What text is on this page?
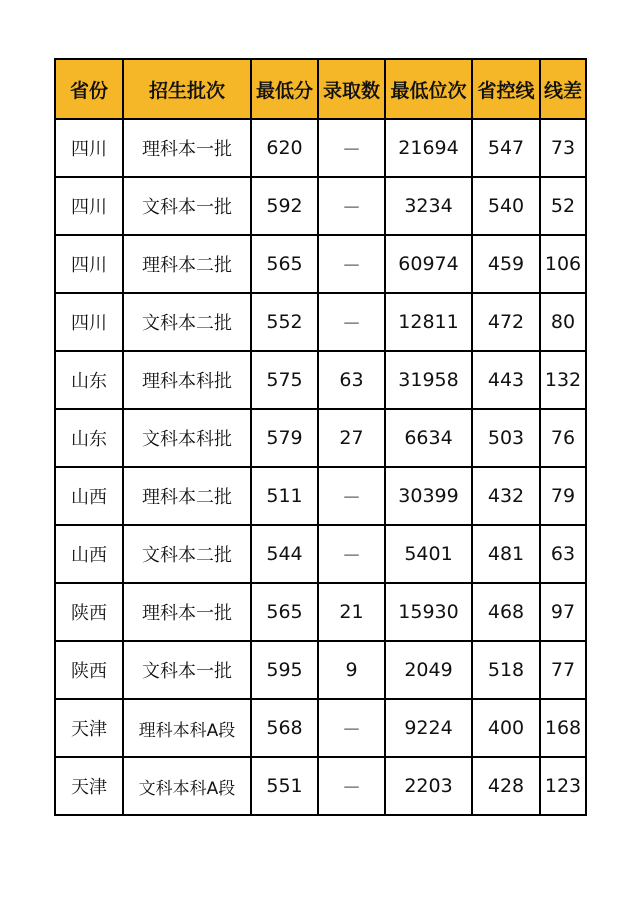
省份	招生批次	最低分	录取数	最低位次	省控线	线差
四川	理科本一批	620	－	21694	547	73
四川	文科本一批	592	－	3234	540	52
四川	理科本二批	565	－	60974	459	106
四川	文科本二批	552	－	12811	472	80
山东	理科本科批	575	63	31958	443	132
山东	文科本科批	579	27	6634	503	76
山西	理科本二批	511	－	30399	432	79
山西	文科本二批	544	－	5401	481	63
陕西	理科本一批	565	21	15930	468	97
陕西	文科本一批	595	9	2049	518	77
天津	理科本科A段	568	－	9224	400	168
天津	文科本科A段	551	－	2203	428	123
